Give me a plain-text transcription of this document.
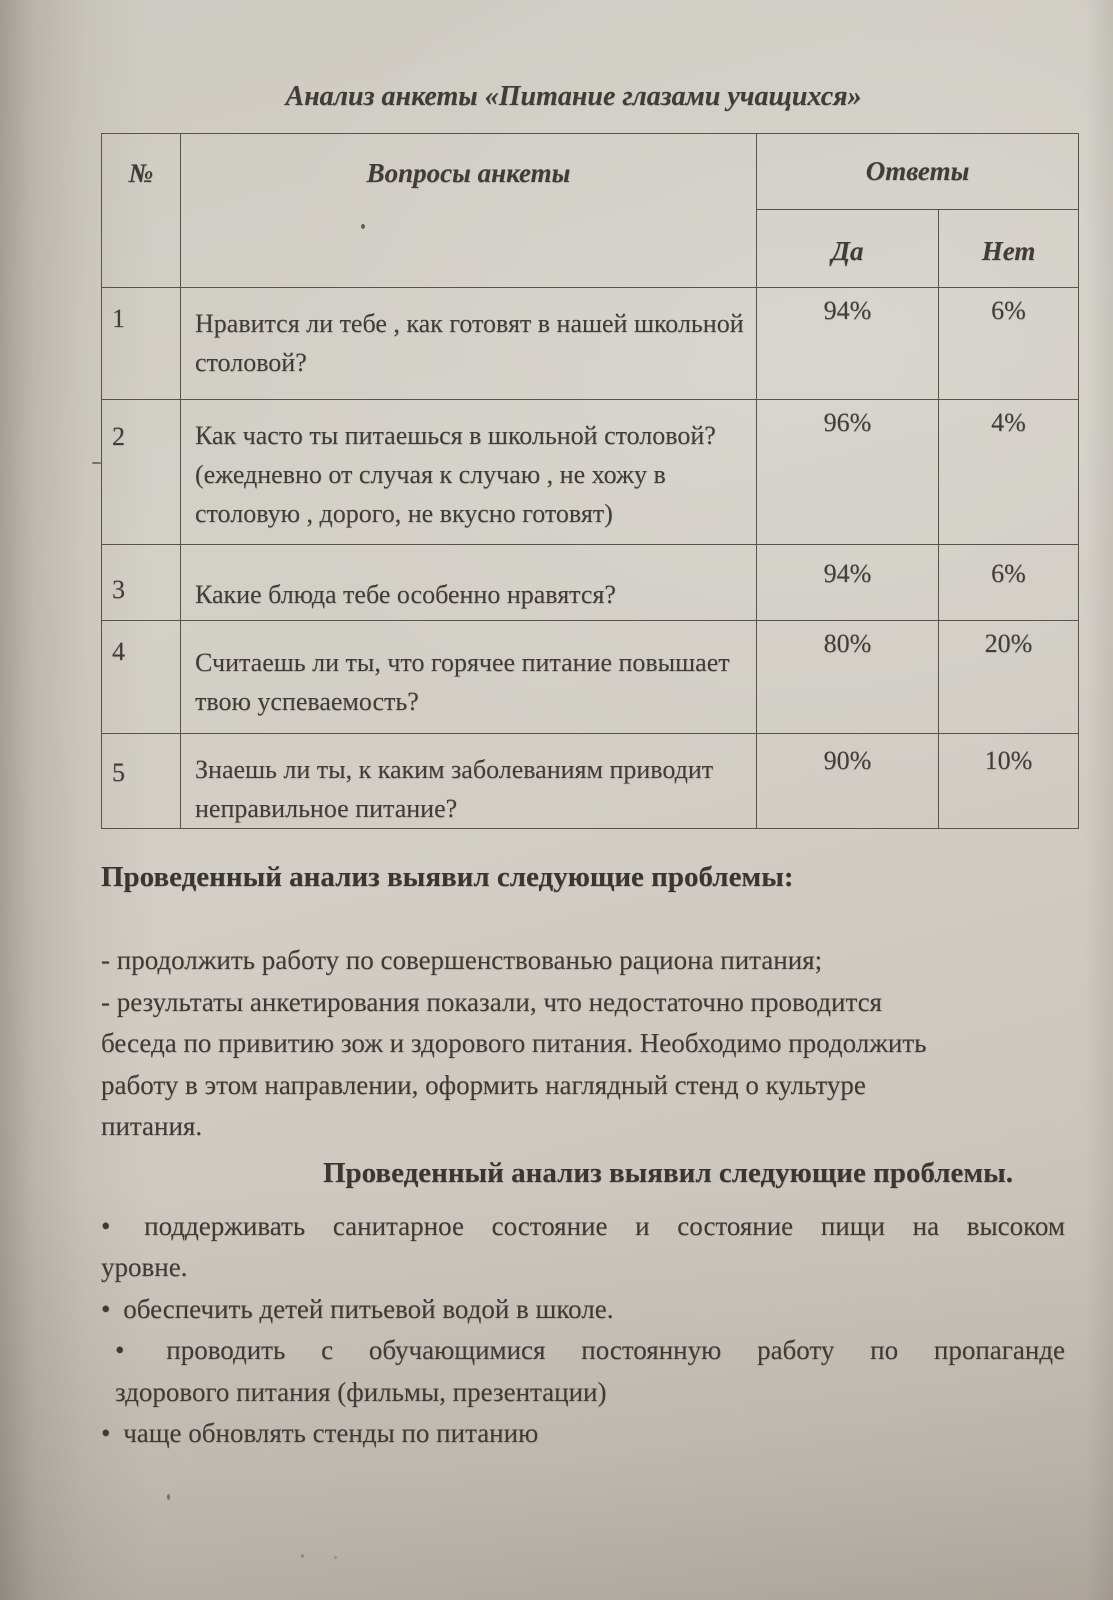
Анализ анкеты «Питание глазами учащихся»
№	Вопросы анкеты	Ответы	
		Да	Нет
1	Нравится ли тебе , как готовят в нашей школьной столовой?	94%	6%
2	Как часто ты питаешься в школьной столовой? (ежедневно от случая к случаю , не хожу в столовую , дорого, не вкусно готовят)	96%	4%
3	Какие блюда тебе особенно нравятся?	94%	6%
4	Считаешь ли ты, что горячее питание повышает твою успеваемость?	80%	20%
5	Знаешь ли ты, к каким заболеваниям приводит неправильное питание?	90%	10%

Проведенный анализ выявил следующие проблемы:

- продолжить работу по совершенствованью рациона питания;
- результаты анкетирования показали, что недостаточно проводится
беседа по привитию зож и здорового питания. Необходимо продолжить
работу в этом направлении, оформить наглядный стенд о культуре
питания.

Проведенный анализ выявил следующие проблемы.

• поддерживать санитарное состояние и состояние пищи на высоком
уровне.
• обеспечить детей питьевой водой в школе.
• проводить с обучающимися постоянную работу по пропаганде
здорового питания (фильмы, презентации)
• чаще обновлять стенды по питанию
